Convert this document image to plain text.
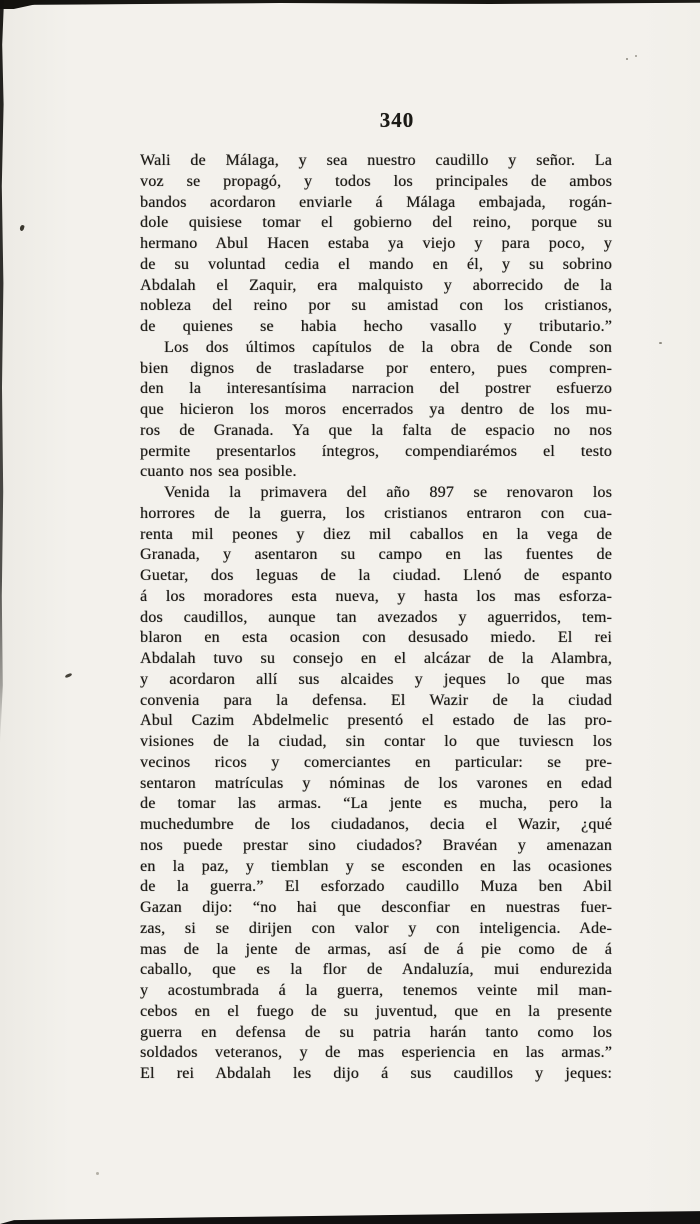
340
Wali de Málaga, y sea nuestro caudillo y señor. La
voz se propagó, y todos los principales de ambos
bandos acordaron enviarle á Málaga embajada, rogán-
dole quisiese tomar el gobierno del reino, porque su
hermano Abul Hacen estaba ya viejo y para poco, y
de su voluntad cedia el mando en él, y su sobrino
Abdalah el Zaquir, era malquisto y aborrecido de la
nobleza del reino por su amistad con los cristianos,
de quienes se habia hecho vasallo y tributario.”
Los dos últimos capítulos de la obra de Conde son
bien dignos de trasladarse por entero, pues compren-
den la interesantísima narracion del postrer esfuerzo
que hicieron los moros encerrados ya dentro de los mu-
ros de Granada. Ya que la falta de espacio no nos
permite presentarlos íntegros, compendiarémos el testo
cuanto nos sea posible.
Venida la primavera del año 897 se renovaron los
horrores de la guerra, los cristianos entraron con cua-
renta mil peones y diez mil caballos en la vega de
Granada, y asentaron su campo en las fuentes de
Guetar, dos leguas de la ciudad. Llenó de espanto
á los moradores esta nueva, y hasta los mas esforza-
dos caudillos, aunque tan avezados y aguerridos, tem-
blaron en esta ocasion con desusado miedo. El rei
Abdalah tuvo su consejo en el alcázar de la Alambra,
y acordaron allí sus alcaides y jeques lo que mas
convenia para la defensa. El Wazir de la ciudad
Abul Cazim Abdelmelic presentó el estado de las pro-
visiones de la ciudad, sin contar lo que tuviescn los
vecinos ricos y comerciantes en particular: se pre-
sentaron matrículas y nóminas de los varones en edad
de tomar las armas. “La jente es mucha, pero la
muchedumbre de los ciudadanos, decia el Wazir, ¿qué
nos puede prestar sino ciudados? Bravéan y amenazan
en la paz, y tiemblan y se esconden en las ocasiones
de la guerra.” El esforzado caudillo Muza ben Abil
Gazan dijo: “no hai que desconfiar en nuestras fuer-
zas, si se dirijen con valor y con inteligencia. Ade-
mas de la jente de armas, así de á pie como de á
caballo, que es la flor de Andaluzía, mui endurezida
y acostumbrada á la guerra, tenemos veinte mil man-
cebos en el fuego de su juventud, que en la presente
guerra en defensa de su patria harán tanto como los
soldados veteranos, y de mas esperiencia en las armas.”
El rei Abdalah les dijo á sus caudillos y jeques:
